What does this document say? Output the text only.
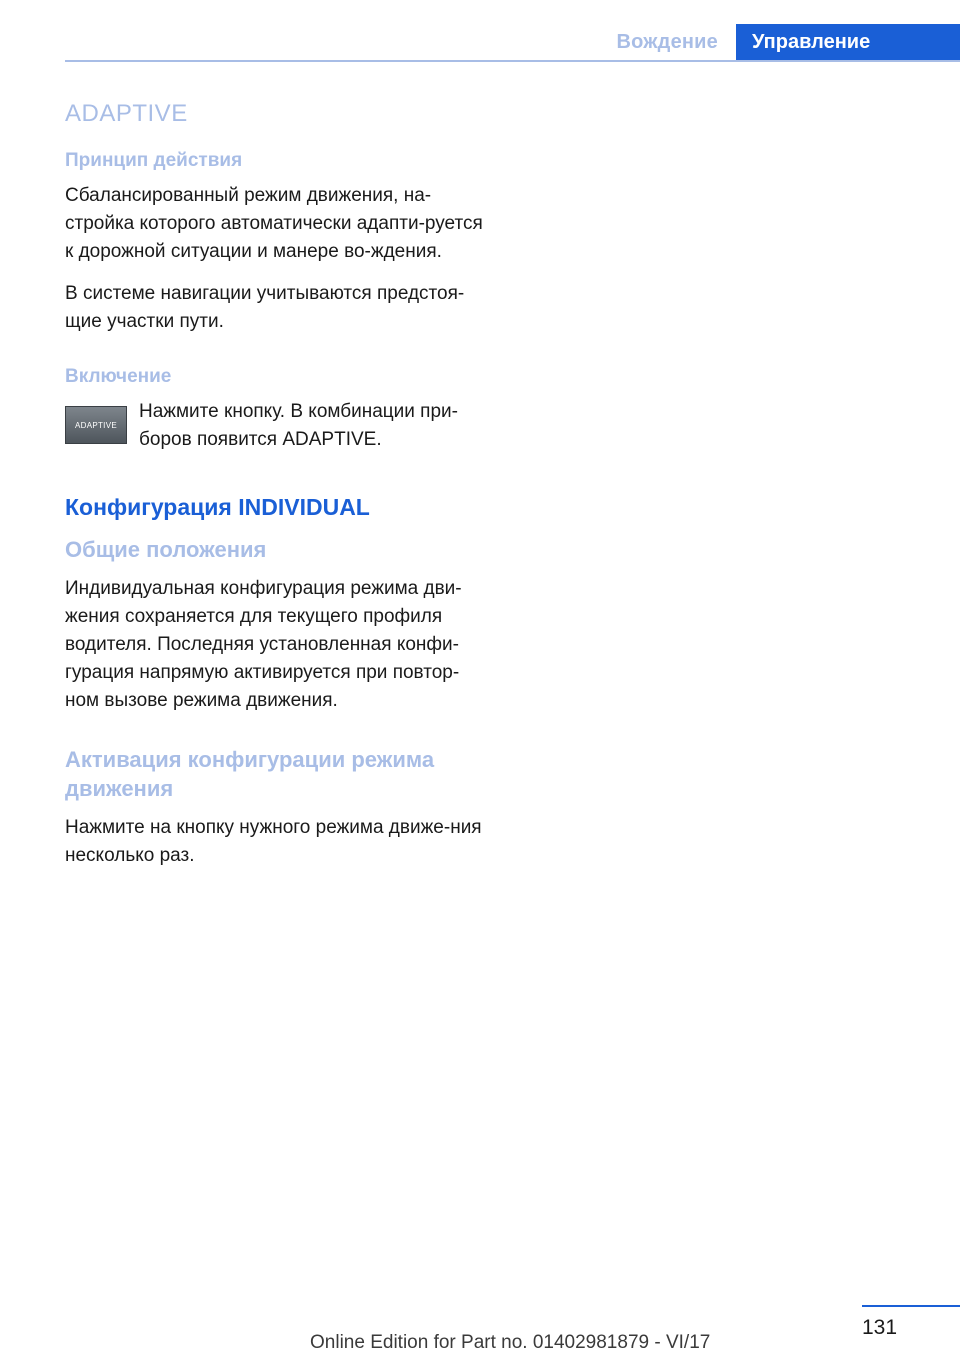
Вождение	Управление
ADAPTIVE
Принцип действия

Сбалансированный режим движения, на-стройка которого автоматически адапти-руется к дорожной ситуации и манере во-ждения.

В системе навигации учитываются предстоя-щие участки пути.

Включение
ADAPTIVE
Нажмите кнопку. В комбинации при-боров появится ADAPTIVE.
Конфигурация INDIVIDUAL
Общие положения

Индивидуальная конфигурация режима дви-жения сохраняется для текущего профиля водителя. Последняя установленная конфи-гурация напрямую активируется при повтор-ном вызове режима движения.

Активация конфигурации режима движения

Нажмите на кнопку нужного режима движе-ния несколько раз.

131
Online Edition for Part no. 01402981879 - VI/17
